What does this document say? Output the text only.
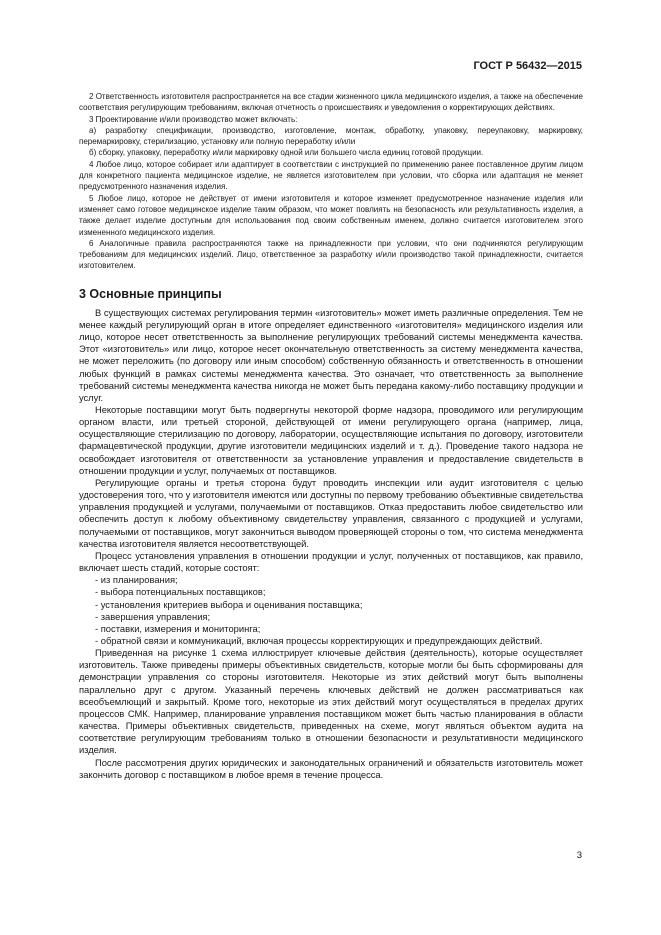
ГОСТ Р 56432—2015

2 Ответственность изготовителя распространяется на все стадии жизненного цикла медицинского изделия, а также на обеспечение соответствия регулирующим требованиям, включая отчетность о происшествиях и уведомления о корректирующих действиях.

3 Проектирование и/или производство может включать:

а) разработку спецификации, производство, изготовление, монтаж, обработку, упаковку, переупаковку, маркировку, перемаркировку, стерилизацию, установку или полную переработку и/или

б) сборку, упаковку, переработку и/или маркировку одной или большего числа единиц готовой продукции.

4 Любое лицо, которое собирает или адаптирует в соответствии с инструкцией по применению ранее поставленное другим лицом для конкретного пациента медицинское изделие, не является изготовителем при условии, что сборка или адаптация не меняет предусмотренного назначения изделия.

5 Любое лицо, которое не действует от имени изготовителя и которое изменяет предусмотренное назначение изделия или изменяет само готовое медицинское изделие таким образом, что может повлиять на безопасность или результативность изделия, а также делает изделие доступным для использования под своим собственным именем, должно считается изготовителем этого измененного медицинского изделия.

6 Аналогичные правила распространяются также на принадлежности при условии, что они подчиняются регулирующим требованиям для медицинских изделий. Лицо, ответственное за разработку и/или производство такой принадлежности, считается изготовителем.

3 Основные принципы

В существующих системах регулирования термин «изготовитель» может иметь различные определения. Тем не менее каждый регулирующий орган в итоге определяет единственного «изготовителя» медицинского изделия или лицо, которое несет ответственность за выполнение регулирующих требований системы менеджмента качества. Этот «изготовитель» или лицо, которое несет окончательную ответственность за систему менеджмента качества, не может переложить (по договору или иным способом) собственную обязанность и ответственность в отношении любых функций в рамках системы менеджмента качества. Это означает, что ответственность за выполнение требований системы менеджмента качества никогда не может быть передана какому-либо поставщику продукции и услуг.

Некоторые поставщики могут быть подвергнуты некоторой форме надзора, проводимого или регулирующим органом власти, или третьей стороной, действующей от имени регулирующего органа (например, лица, осуществляющие стерилизацию по договору, лаборатории, осуществляющие испытания по договору, изготовители фармацевтической продукции, другие изготовители медицинских изделий и т. д.). Проведение такого надзора не освобождает изготовителя от ответственности за установление управления и предоставление свидетельств в отношении продукции и услуг, получаемых от поставщиков.

Регулирующие органы и третья сторона будут проводить инспекции или аудит изготовителя с целью удостоверения того, что у изготовителя имеются или доступны по первому требованию объективные свидетельства управления продукцией и услугами, получаемыми от поставщиков. Отказ предоставить любое свидетельство или обеспечить доступ к любому объективному свидетельству управления, связанного с продукцией и услугами, получаемыми от поставщиков, могут закончиться выводом проверяющей стороны о том, что система менеджмента качества изготовителя является несоответствующей.

Процесс установления управления в отношении продукции и услуг, полученных от поставщиков, как правило, включает шесть стадий, которые состоят:

- из планирования;
- выбора потенциальных поставщиков;
- установления критериев выбора и оценивания поставщика;
- завершения управления;
- поставки, измерения и мониторинга;
- обратной связи и коммуникаций, включая процессы корректирующих и предупреждающих действий.

Приведенная на рисунке 1 схема иллюстрирует ключевые действия (деятельность), которые осуществляет изготовитель. Также приведены примеры объективных свидетельств, которые могли бы быть сформированы для демонстрации управления со стороны изготовителя. Некоторые из этих действий могут быть выполнены параллельно друг с другом. Указанный перечень ключевых действий не должен рассматриваться как всеобъемлющий и закрытый. Кроме того, некоторые из этих действий могут осуществляться в пределах других процессов СМК. Например, планирование управления поставщиком может быть частью планирования в области качества. Примеры объективных свидетельств, приведенных на схеме, могут являться объектом аудита на соответствие регулирующим требованиям только в отношении безопасности и результативности медицинского изделия.

После рассмотрения других юридических и законодательных ограничений и обязательств изготовитель может закончить договор с поставщиком в любое время в течение процесса.

3
